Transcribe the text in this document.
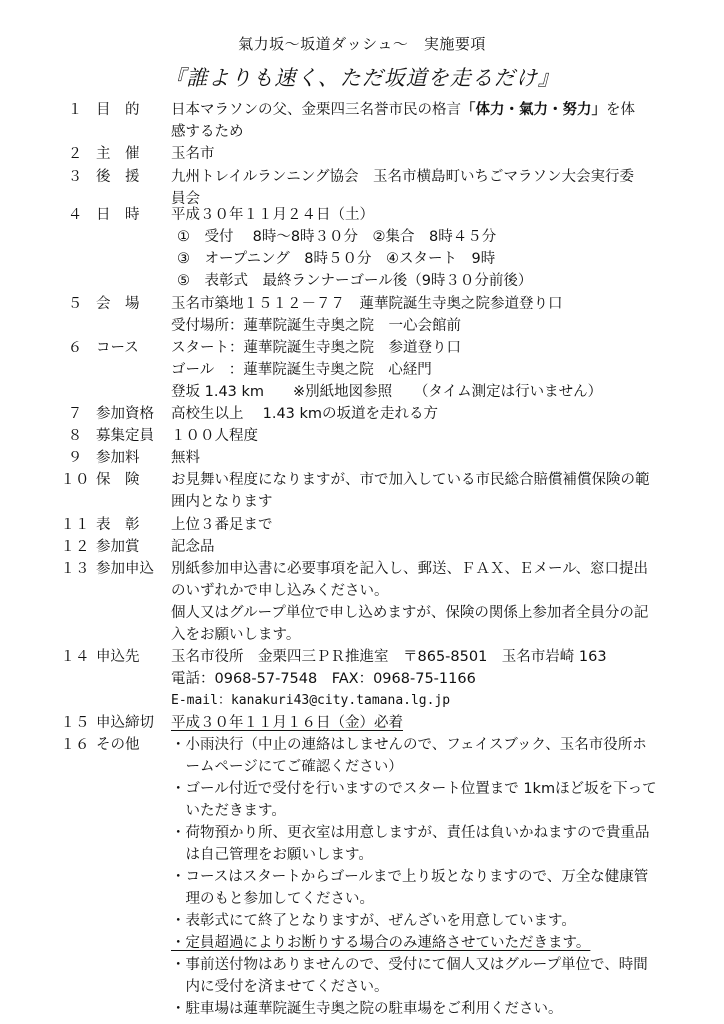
氣力坂～坂道ダッシュ～　実施要項
『誰よりも速く、ただ坂道を走るだけ』
１ 目　的	日本マラソンの父、金栗四三名誉市民の格言「体力・氣力・努力」を体
感するため
２ 主　催	玉名市
３ 後　援	九州トレイルランニング協会　玉名市横島町いちごマラソン大会実行委
員会
４ 日　時	平成３０年１１月２４日（土）
①　受付　 8時～8時３０分　②集合　8時４５分
③　オープニング　8時５０分　④スタート　9時
⑤　表彰式　最終ランナーゴール後（9時３０分前後）
５ 会　場	玉名市築地１５１２－７７　蓮華院誕生寺奥之院参道登り口
受付場所：蓮華院誕生寺奥之院　一心会館前
６ コース	スタート：蓮華院誕生寺奥之院　参道登り口
ゴール　：蓮華院誕生寺奥之院　心経門
登坂 1.43 km　　※別紙地図参照　　（タイム測定は行いません）
７ 参加資格	高校生以上　 1.43 kmの坂道を走れる方
８ 募集定員	１００人程度
９ 参加料	無料
１０ 保　険	お見舞い程度になりますが、市で加入している市民総合賠償補償保険の範
囲内となります
１１ 表　彰	上位３番足まで
１２ 参加賞	記念品
１３ 参加申込	別紙参加申込書に必要事項を記入し、郵送、ＦＡＸ、Ｅメール、窓口提出
のいずれかで申し込みください。
個人又はグループ単位で申し込めますが、保険の関係上参加者全員分の記
入をお願いします。
１４ 申込先	玉名市役所　金栗四三ＰＲ推進室　〒865-8501　玉名市岩崎 163
電話：0968-57-7548　FAX：0968-75-1166
E-mail：kanakuri43@city.tamana.lg.jp
１５ 申込締切	平成３０年１１月１６日（金）必着
１６ その他	・小雨決行（中止の連絡はしませんので、フェイスブック、玉名市役所ホ
　ームページにてご確認ください）
・ゴール付近で受付を行いますのでスタート位置まで 1kmほど坂を下って
　いただきます。
・荷物預かり所、更衣室は用意しますが、責任は負いかねますので貴重品
　は自己管理をお願いします。
・コースはスタートからゴールまで上り坂となりますので、万全な健康管
　理のもと参加してください。
・表彰式にて終了となりますが、ぜんざいを用意しています。
・定員超過によりお断りする場合のみ連絡させていただきます。
・事前送付物はありませんので、受付にて個人又はグループ単位で、時間
　内に受付を済ませてください。
・駐車場は蓮華院誕生寺奥之院の駐車場をご利用ください。
